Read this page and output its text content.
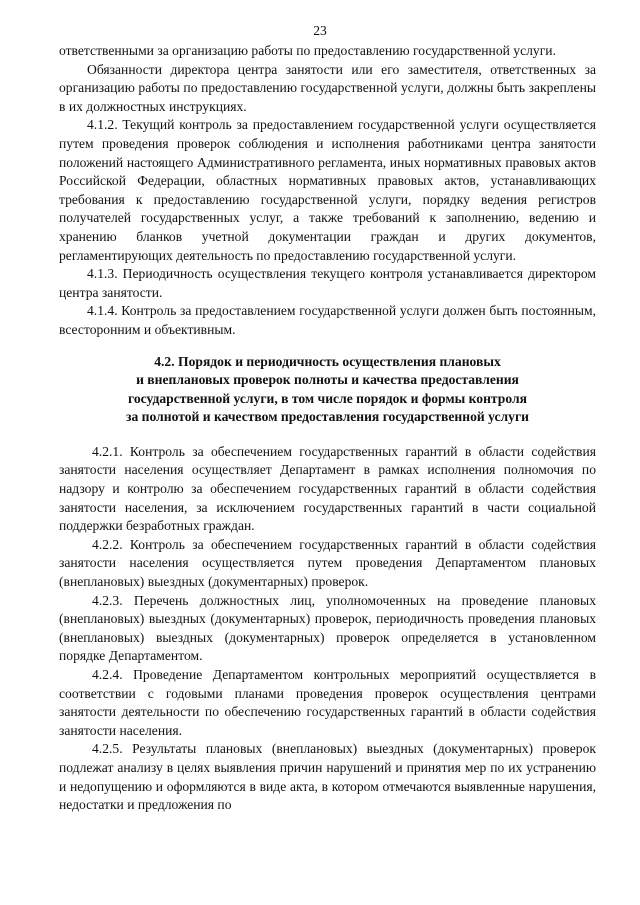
23

ответственными за организацию работы по предоставлению государственной услуги.

Обязанности директора центра занятости или его заместителя, ответственных за организацию работы по предоставлению государственной услуги, должны быть закреплены в их должностных инструкциях.

4.1.2. Текущий контроль за предоставлением государственной услуги осуществляется путем проведения проверок соблюдения и исполнения работниками центра занятости положений настоящего Административного регламента, иных нормативных правовых актов Российской Федерации, областных нормативных правовых актов, устанавливающих требования к предоставлению государственной услуги, порядку ведения регистров получателей государственных услуг, а также требований к заполнению, ведению и хранению бланков учетной документации граждан и других документов, регламентирующих деятельность по предоставлению государственной услуги.

4.1.3. Периодичность осуществления текущего контроля устанавливается директором центра занятости.

4.1.4. Контроль за предоставлением государственной услуги должен быть постоянным, всесторонним и объективным.

4.2. Порядок и периодичность осуществления плановых
и внеплановых проверок полноты и качества предоставления
государственной услуги, в том числе порядок и формы контроля
за полнотой и качеством предоставления государственной услуги

4.2.1. Контроль за обеспечением государственных гарантий в области содействия занятости населения осуществляет Департамент в рамках исполнения полномочия по надзору и контролю за обеспечением государственных гарантий в области содействия занятости населения, за исключением государственных гарантий в части социальной поддержки безработных граждан.

4.2.2. Контроль за обеспечением государственных гарантий в области содействия занятости населения осуществляется путем проведения Департаментом плановых (внеплановых) выездных (документарных) проверок.

4.2.3. Перечень должностных лиц, уполномоченных на проведение плановых (внеплановых) выездных (документарных) проверок, периодичность проведения плановых (внеплановых) выездных (документарных) проверок определяется в установленном порядке Департаментом.

4.2.4. Проведение Департаментом контрольных мероприятий осуществляется в соответствии с годовыми планами проведения проверок осуществления центрами занятости деятельности по обеспечению государственных гарантий в области содействия занятости населения.

4.2.5. Результаты плановых (внеплановых) выездных (документарных) проверок подлежат анализу в целях выявления причин нарушений и принятия мер по их устранению и недопущению и оформляются в виде акта, в котором отмечаются выявленные нарушения, недостатки и предложения по
